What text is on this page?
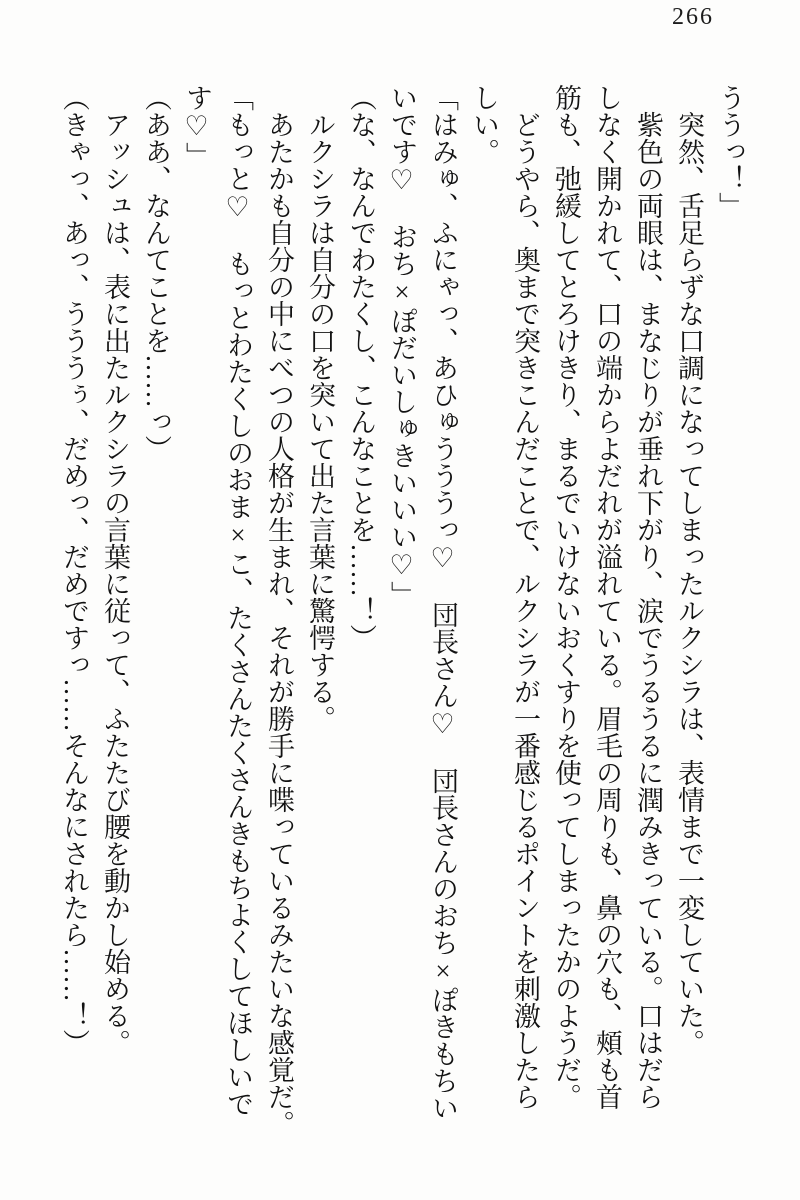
266

ううっ！」

　突然、舌足らずな口調になってしまったルクシラは、表情まで一変していた。

　紫色の両眼は、まなじりが垂れ下がり、涙でうるうるに潤みきっている。口はだら

しなく開かれて、口の端からよだれが溢れている。眉毛の周りも、鼻の穴も、頰も首

筋も、弛緩してとろけきり、まるでいけないおくすりを使ってしまったかのようだ。

　どうやら、奥まで突きこんだことで、ルクシラが一番感じるポイントを刺激したら

しい。

「はみゅ、ふにゃっ、あひゅうううっ♡　団長さん♡　団長さんのおち×ぽきもちい

いです♡　おち×ぽだいしゅきいいい♡」

（な、なんでわたくし、こんなことを……！）

　ルクシラは自分の口を突いて出た言葉に驚愕する。

　あたかも自分の中にべつの人格が生まれ、それが勝手に喋っているみたいな感覚だ。

「もっと♡　もっとわたくしのおま×こ、たくさんたくさんきもちよくしてほしいで

す♡」

（ああ、なんてことを……っ）

　アッシュは、表に出たルクシラの言葉に従って、ふたたび腰を動かし始める。

（きゃっ、あっ、うううぅ、だめっ、だめですっ……そんなにされたら……！）
